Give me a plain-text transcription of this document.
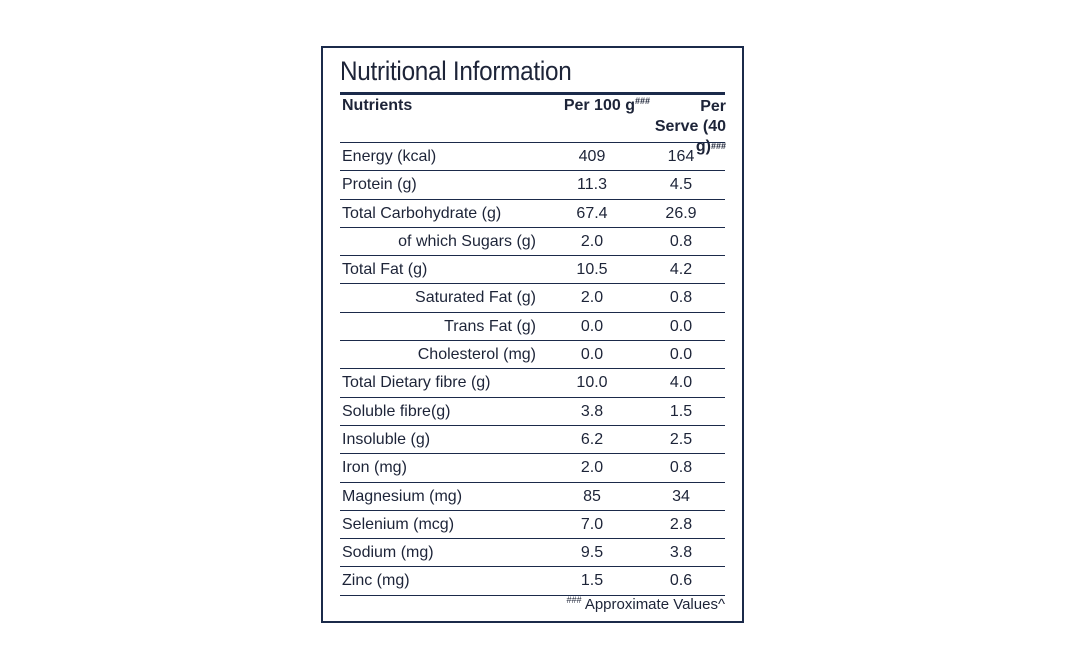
Nutritional Information
Nutrients	Per 100 g###	Per Serve (40 g)###
Energy (kcal)	409	164
Protein (g)	11.3	4.5
Total Carbohydrate (g)	67.4	26.9
of which Sugars (g)	2.0	0.8
Total Fat (g)	10.5	4.2
Saturated Fat (g)	2.0	0.8
Trans Fat (g)	0.0	0.0
Cholesterol (mg)	0.0	0.0
Total Dietary fibre (g)	10.0	4.0
Soluble fibre(g)	3.8	1.5
Insoluble (g)	6.2	2.5
Iron (mg)	2.0	0.8
Magnesium (mg)	85	34
Selenium (mcg)	7.0	2.8
Sodium (mg)	9.5	3.8
Zinc (mg)	1.5	0.6
### Approximate Values^
